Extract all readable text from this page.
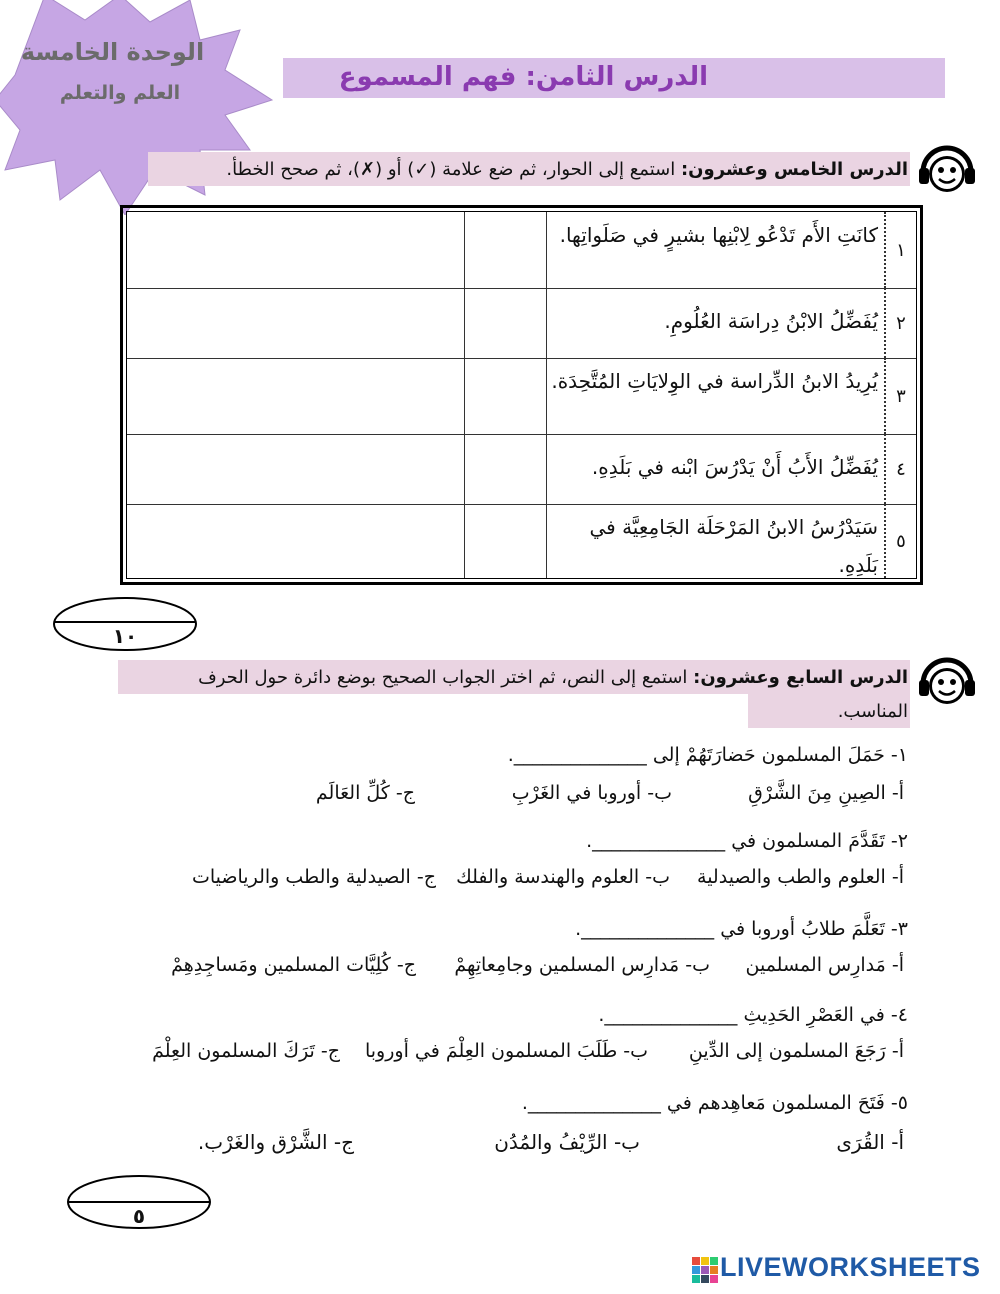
الوحدة الخامسة
العلم والتعلم
الدرس الثامن: فهم المسموع
الدرس الخامس وعشرون: استمع إلى الحوار، ثم ضع علامة (✓) أو (✗)، ثم صحح الخطأ.
١
كانَتِ الأَم تَدْعُو لِابْنِها بشيرٍ في صَلَواتِها.
٢
يُفَضِّلُ الابْنُ دِراسَة العُلُومِ.
٣
يُرِيدُ الابنُ الدِّراسة في الوِلايَاتِ المُتَّحِدَة.
٤
يُفَضِّلُ الأَبُ أَنْ يَدْرُسَ ابْنه في بَلَدِهِ.
٥
سَيَدْرُسُ الابنُ المَرْحَلَة الجَامِعِيَّة في بَلَدِهِ.
١٠
الدرس السابع وعشرون: استمع إلى النص، ثم اختر الجواب الصحيح بوضع دائرة حول الحرف
المناسب.
١- حَمَلَ المسلمون حَضارَتَهُمْ إلى ______________.
أ- الصِينِ مِنَ الشَّرْقِ
ب- أوروبا في الغَرْبِ
ج- كُلِّ العَالَم
٢- تَقَدَّمَ المسلمون في ______________.
أ- العلوم والطب والصيدلية
ب- العلوم والهندسة والفلك
ج- الصيدلية والطب والرياضيات
٣- تَعَلَّمَ طلابُ أوروبا في ______________.
أ- مَدارِس المسلمين
ب- مَدارِس المسلمين وجامِعاتِهِمْ
ج- كُلِيَّات المسلمين ومَساجِدِهِمْ
٤- في العَصْرِ الحَدِيثِ ______________.
أ- رَجَعَ المسلمون إلى الدِّينِ
ب- طَلَبَ المسلمون العِلْمَ في أوروبا
ج- تَرَكَ المسلمون العِلْمَ
٥- فَتَحَ المسلمون مَعاهِدهم في ______________.
أ- القُرَى
ب- الرِّيْفُ والمُدُن
ج- الشَّرْق والغَرْب.
٥
LIVEWORKSHEETS
